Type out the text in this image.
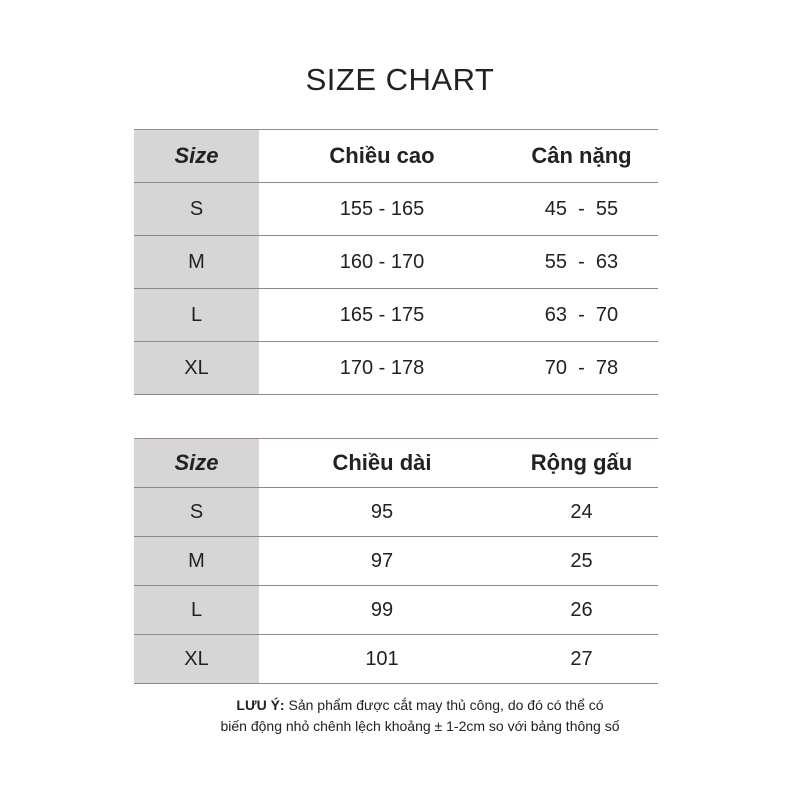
SIZE CHART
Size	Chiều cao	Cân nặng
S	155 - 165	45  -  55
M	160 - 170	55  -  63
L	165 - 175	63  -  70
XL	170 - 178	70  -  78
Size	Chiều dài	Rộng gấu
S	95	24
M	97	25
L	99	26
XL	101	27
LƯU Ý: Sản phẩm được cắt may thủ công, do đó có thể có
biến động nhỏ chênh lệch khoảng ± 1-2cm so với bảng thông số
